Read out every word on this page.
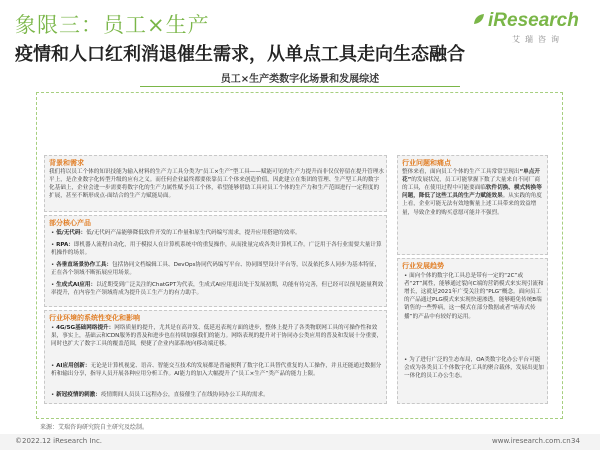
象限三：员工×生产
疫情和人口红利消退催生需求，从单点工具走向生态融合
iResearch
艾瑞咨询
员工×生产类数字化场景和发展综述
背景和需求
我们将以员工个体的知识技能为输入材料的生产力工具分类为“员工×生产”型工具——赋能可见的生产力提升而非仅仅停留在提升管理水平上，是企业数字化转型升级的应有之义。而任何企业最终都要依靠员工个体来创造价值，因此建立在集团的管理、生产型工具的数字化基础上，企业会进一步需要将数字化的生产力属性赋予员工个体，希望能够借助工具对员工个体的生产力和生产范围进行一定程度的扩展，甚至不断形成点-面结合的生产力赋能局面。
部分核心产品
• 低/无代码：低/无代码产品能够降低软件开发的工作量和原生代码编写需求，提升应用搭建的效率。
• RPA：即机器人流程自动化，用于模拟人在计算机系统中的重复操作，从而批量完成各类计算机工作。广泛用于各行业需要大量计算机操作的场景。
• 各垂直场景协作工具：包括协同文档编辑工具、DevOps协同代码编写平台、协同图型设计平台等，以及依托多人同步为基本特征，正在各个领域不断拓展应用场景。
• 生成式AI应用：以近期受到广泛关注的ChatGPT为代表，生成式AI应用退出处于发展初期，功能有待完善，但已经可以预见能量利效率提升，在内容生产领域将成为提升员工生产力的有力助手。
行业环境的系统性变化和影响
• 4G/5G基础网络提升：网络质量的提升，尤其是在高并发、低延迟表现方面的进步，整体上提升了各类物联网工具的可操作性和效果，事实上，基础云和CDN服务的普及和进步也在持续加强我们的能力。网络表现的提升对于协同办公类应用的普及和发展十分重要，同时也扩大了数字工具的覆盖范围，便捷了企业内部系统向移动端迁移。
• AI应用创新：无论是计算机视觉、语音、智能交互技术的发展都是普遍便利了数字化工具替代重复的人工操作，并且还能通过数据分析和输出分享，指导人员开展各种应用分析工作。AI能力的加入大幅提升了“员工×生产”类产品的能力上限。
• 新冠疫情的刺激：疫情期间人员员工远程办公，直接催生了在线协同办公工具的需求。
行业问题和痛点
整体来看，面向员工个体的生产工具常常呈现出“单点开花”的发展状况，员工可能掌握下数了大量来自不同厂商的工具，在使用过程中可能要面临软件切换、模式转换等问题，降低了这些工具的生产力赋能效果。从实践的角度上看，企业可能无法有效地衡量上述工具带来的效益增量，导致企业的购买意愿可能并不强烈。
行业发展趋势
• 面向个体的数字化工具总是带有一定的“2C”或者“2T”属性，能够通过裂向C端的营销模式来实现引流和增长，这就是2021年广受关注的“PLG”概念。面向员工的产品通过PLG模式来实现快速渗透，能够避免传统B端销售的一些弊病，这一模式在部分数据或者“病毒式传播”的产品中有较好的运用。
• 为了进行广泛的生态布局，OA类数字化办公平台可能会成为各类员工个体数字化工具的聚合载体，发展出更加一体化的员工办公生态。
来源：艾瑞咨询研究院自主研究及绘制。
©2022.12 iResearch Inc.	www.iresearch.com.cn 34
